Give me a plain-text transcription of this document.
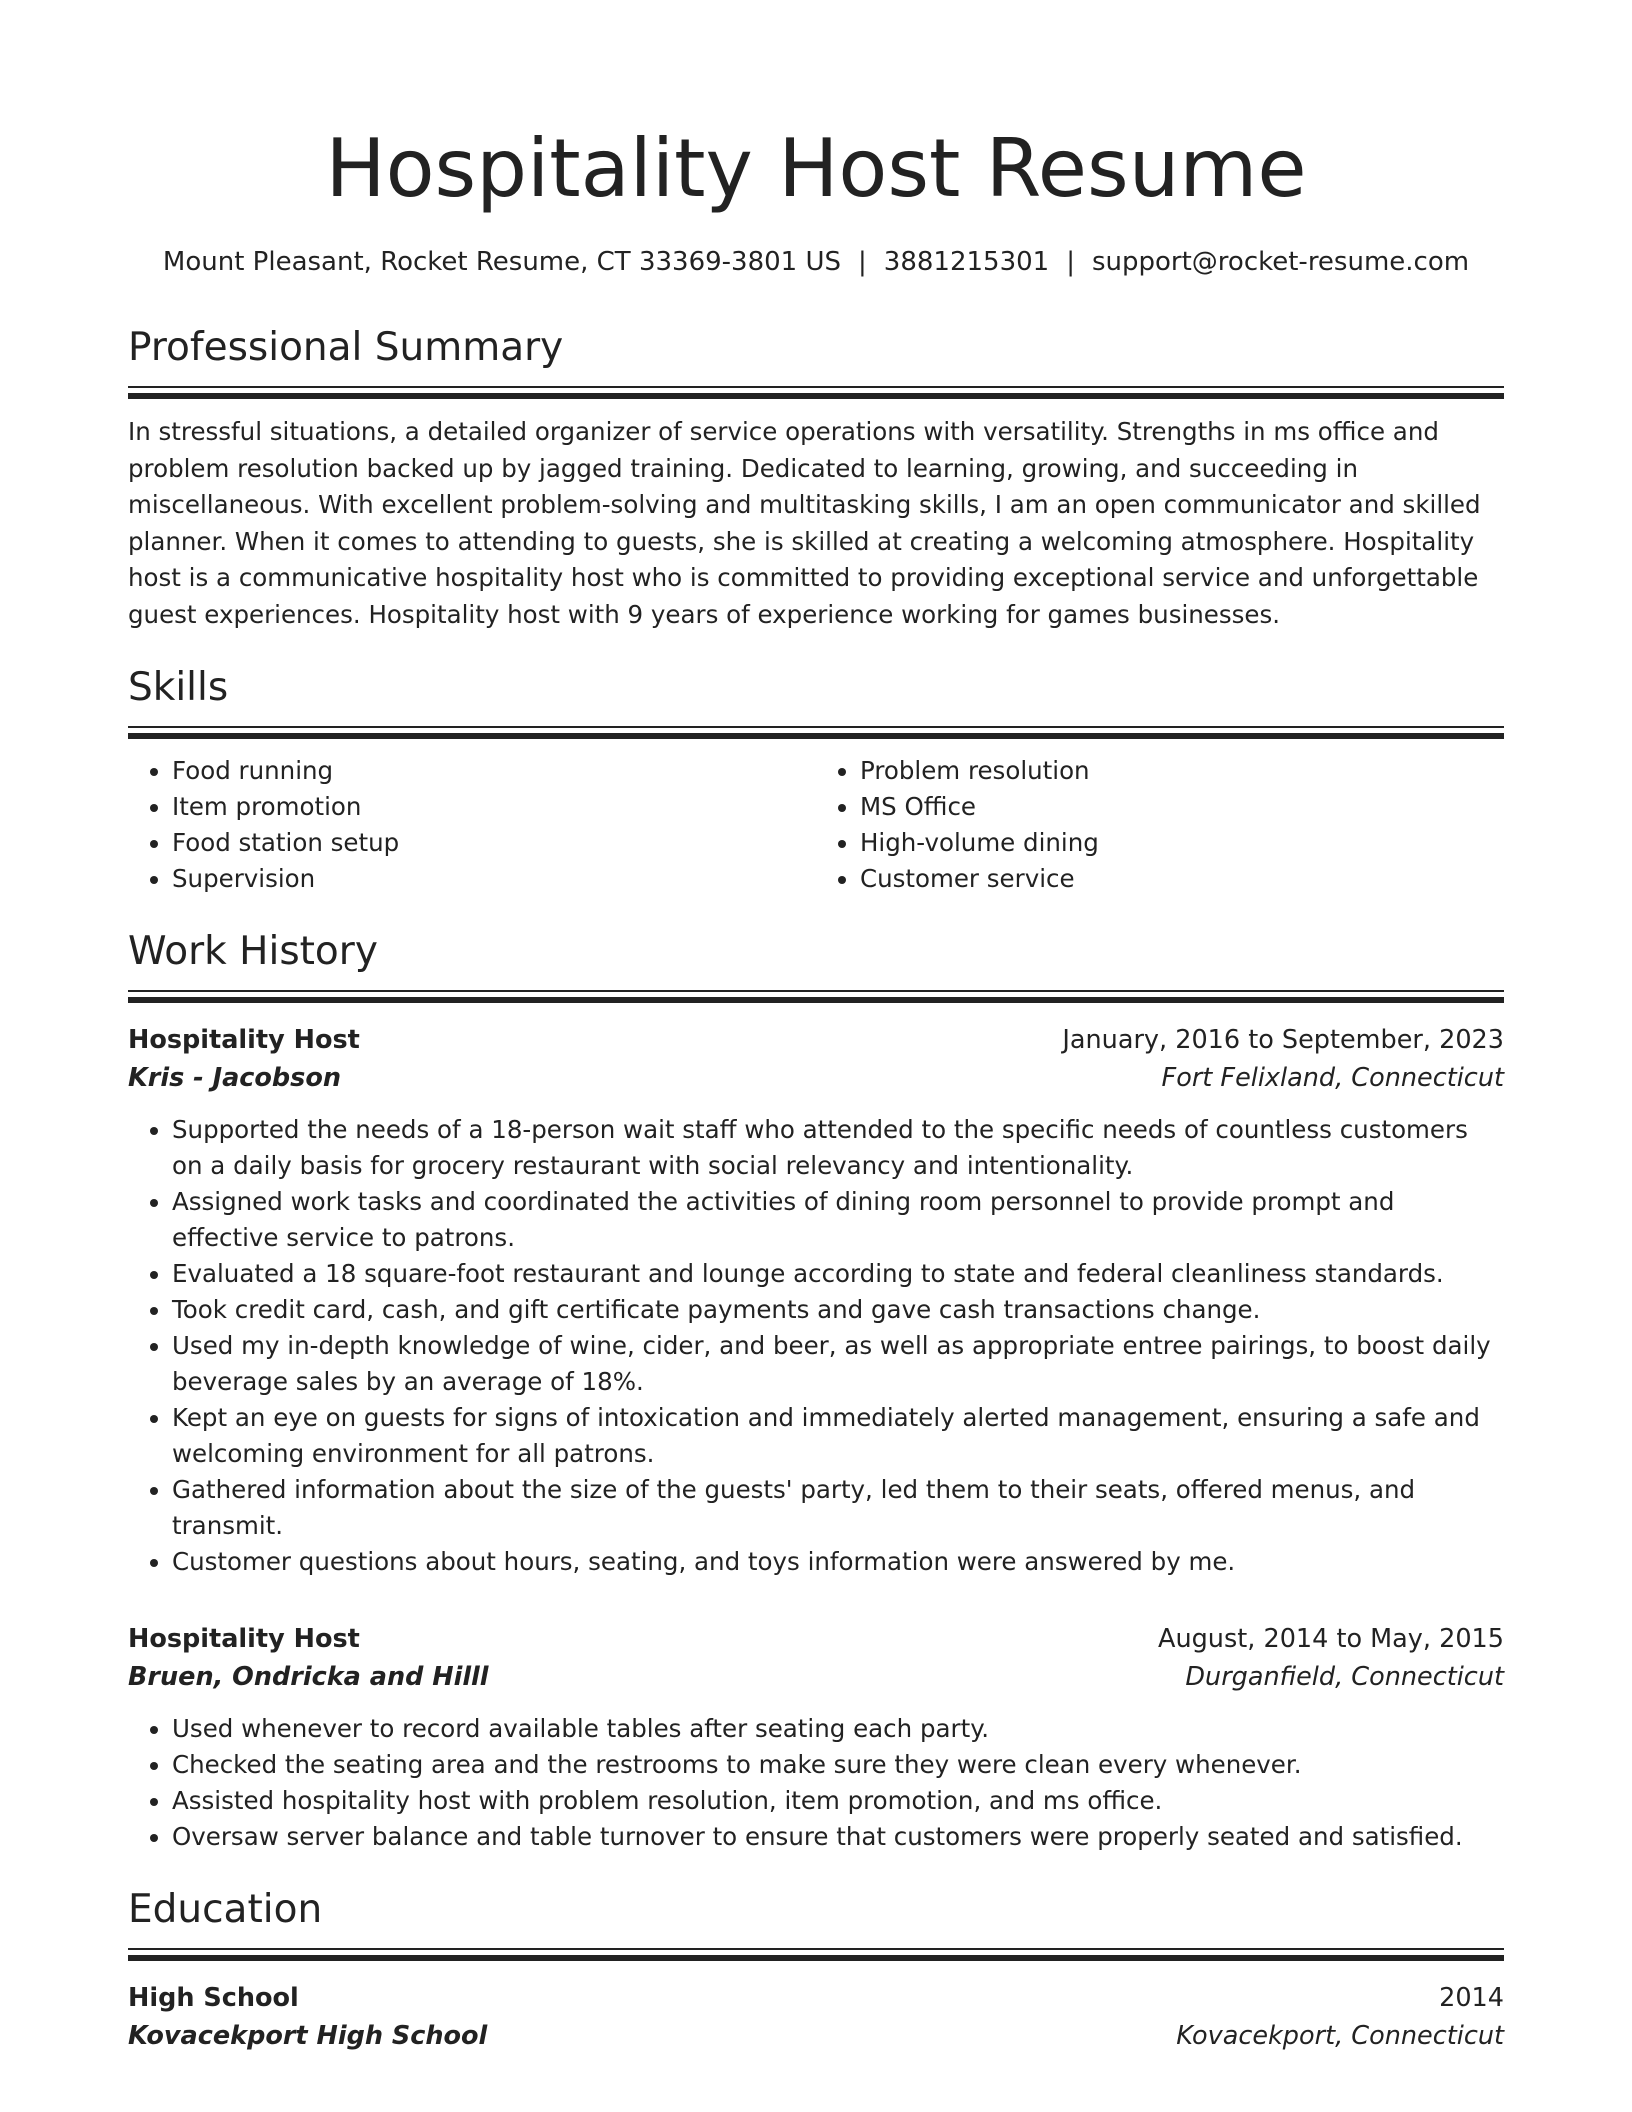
Hospitality Host Resume
Mount Pleasant, Rocket Resume, CT 33369-3801 US | 3881215301 | support@rocket-resume.com
Professional Summary

In stressful situations, a detailed organizer of service operations with versatility. Strengths in ms office and problem resolution backed up by jagged training. Dedicated to learning, growing, and succeeding in miscellaneous. With excellent problem-solving and multitasking skills, I am an open communicator and skilled planner. When it comes to attending to guests, she is skilled at creating a welcoming atmosphere. Hospitality host is a communicative hospitality host who is committed to providing exceptional service and unforgettable guest experiences. Hospitality host with 9 years of experience working for games businesses.

Skills
• Food running
• Item promotion
• Food station setup
• Supervision
• Problem resolution
• MS Office
• High-volume dining
• Customer service
Work History
Hospitality Host	January, 2016 to September, 2023
Kris - Jacobson	Fort Felixland, Connecticut
• Supported the needs of a 18-person wait staff who attended to the specific needs of countless customers on a daily basis for grocery restaurant with social relevancy and intentionality.
• Assigned work tasks and coordinated the activities of dining room personnel to provide prompt and effective service to patrons.
• Evaluated a 18 square-foot restaurant and lounge according to state and federal cleanliness standards.
• Took credit card, cash, and gift certificate payments and gave cash transactions change.
• Used my in-depth knowledge of wine, cider, and beer, as well as appropriate entree pairings, to boost daily beverage sales by an average of 18%.
• Kept an eye on guests for signs of intoxication and immediately alerted management, ensuring a safe and welcoming environment for all patrons.
• Gathered information about the size of the guests' party, led them to their seats, offered menus, and transmit.
• Customer questions about hours, seating, and toys information were answered by me.
Hospitality Host	August, 2014 to May, 2015
Bruen, Ondricka and Hilll	Durganfield, Connecticut
• Used whenever to record available tables after seating each party.
• Checked the seating area and the restrooms to make sure they were clean every whenever.
• Assisted hospitality host with problem resolution, item promotion, and ms office.
• Oversaw server balance and table turnover to ensure that customers were properly seated and satisfied.
Education
High School	2014
Kovacekport High School	Kovacekport, Connecticut
